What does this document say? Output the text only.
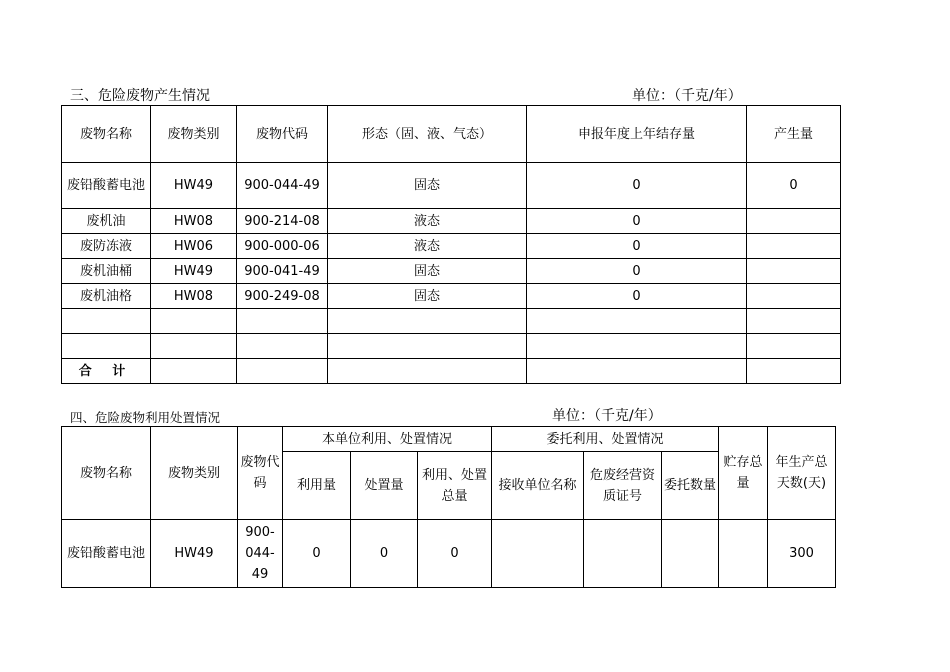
三、危险废物产生情况	单位：（千克/年）
废物名称	废物类别	废物代码	形态（固、液、气态）	申报年度上年结存量	产生量
废铅酸蓄电池	HW49	900-044-49	固态	0	0
废机油	HW08	900-214-08	液态	0	
废防冻液	HW06	900-000-06	液态	0	
废机油桶	HW49	900-041-49	固态	0	
废机油格	HW08	900-249-08	固态	0	

合 计					
四、危险废物利用处置情况	单位：（千克/年）
废物名称	废物类别	废物代码	本单位利用、处置情况			委托利用、处置情况			贮存总量	年生产总天数(天)
			利用量	处置量	利用、处置总量	接收单位名称	危废经营资质证号	委托数量		
废铅酸蓄电池	HW49	900-044-49	0	0	0					300
